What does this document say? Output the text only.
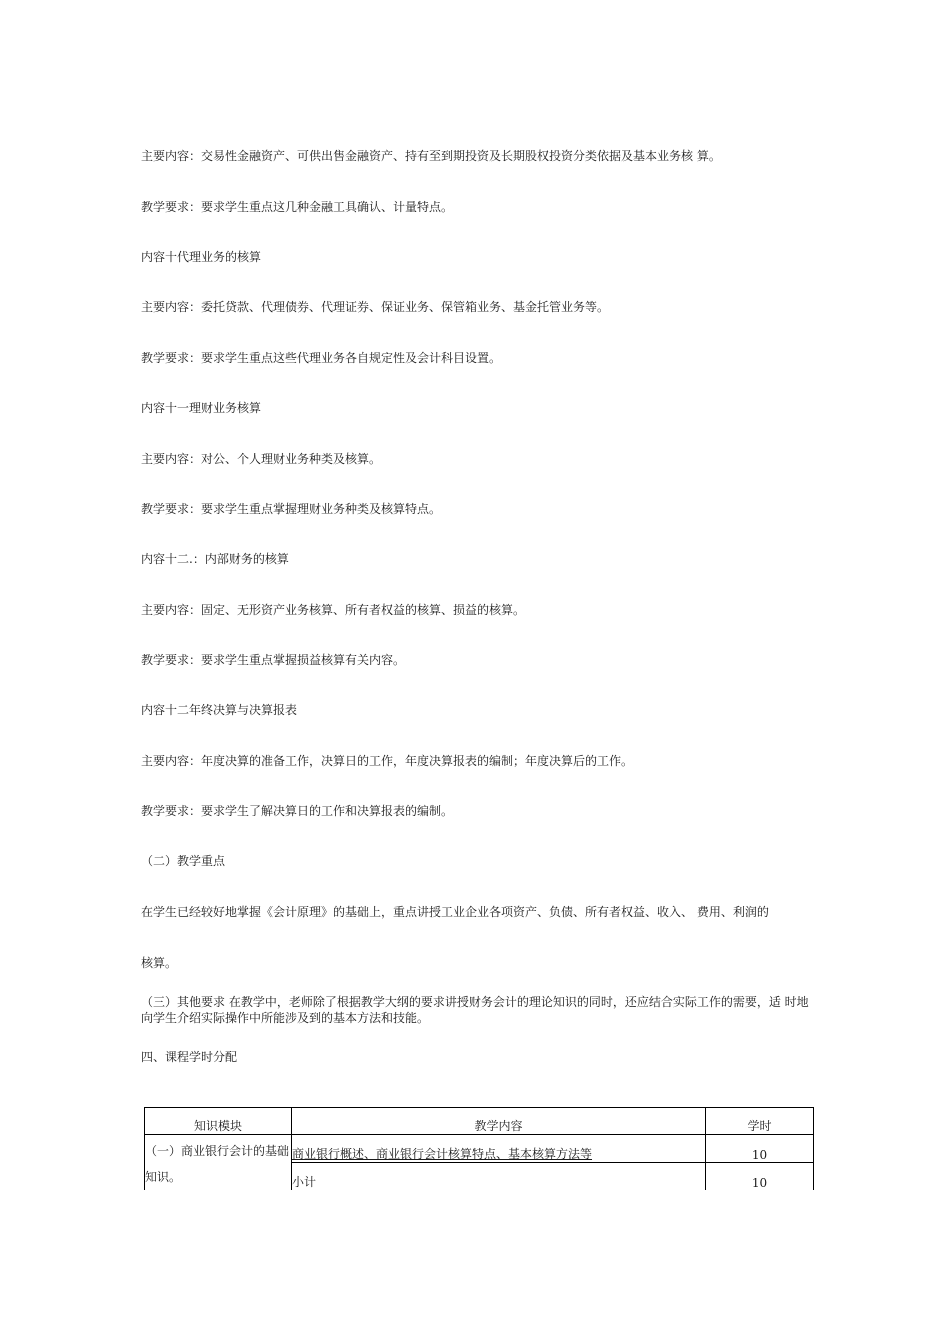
主要内容：交易性金融资产、可供出售金融资产、持有至到期投资及长期股权投资分类依据及基本业务核 算。
教学要求：要求学生重点这几种金融工具确认、计量特点。
内容十代理业务的核算
主要内容：委托贷款、代理债券、代理证券、保证业务、保管箱业务、基金托管业务等。
教学要求：要求学生重点这些代理业务各自规定性及会计科目设置。
内容十一理财业务核算
主要内容：对公、个人理财业务种类及核算。
教学要求：要求学生重点掌握理财业务种类及核算特点。
内容十二.：内部财务的核算
主要内容：固定、无形资产业务核算、所有者权益的核算、损益的核算。
教学要求：要求学生重点掌握损益核算有关内容。
内容十二年终决算与决算报表
主要内容：年度决算的准备工作，决算日的工作，年度决算报表的编制；年度决算后的工作。
教学要求：要求学生了解决算日的工作和决算报表的编制。
（二）教学重点
在学生已经较好地掌握《会计原理》的基础上，重点讲授工业企业各项资产、负债、所有者权益、收入、 费用、利润的
核算。
（三）其他要求 在教学中，老师除了根据教学大纲的要求讲授财务会计的理论知识的同时，还应结合实际工作的需要，适 时地向学生介绍实际操作中所能涉及到的基本方法和技能。
四、课程学时分配
知识模块	教学内容	学时
（一）商业银行会计的基础知识。	商业银行概述、商业银行会计核算特点、基本核算方法等	10
	小计	10
